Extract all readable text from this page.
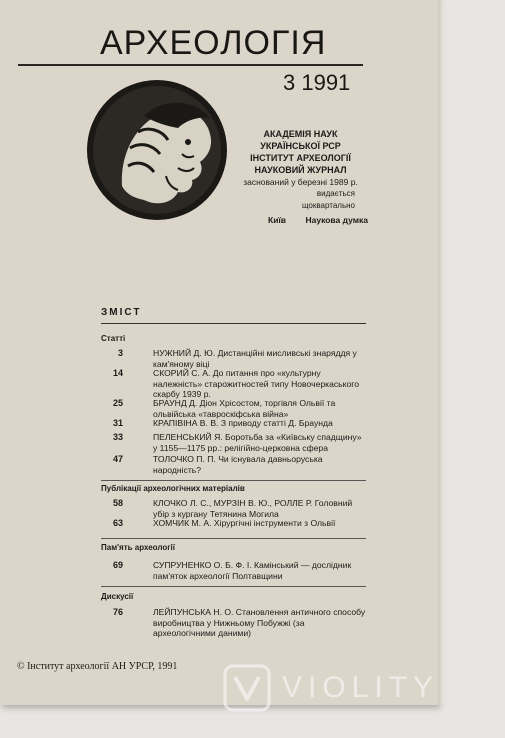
АРХЕОЛОГІЯ
3 1991
АКАДЕМІЯ НАУК
УКРАЇНСЬКОЇ РСР
ІНСТИТУТ АРХЕОЛОГІЇ
НАУКОВИЙ ЖУРНАЛ
заснований у березні 1989 р.
видається
щоквартально
Київ Наукова думка
ЗМІСТ
Статті
3	НУЖНИЙ Д. Ю. Дистанційні мисливські знаряддя у кам'яному віці
14	СКОРИЙ С. А. До питання про «культурну належність» старожитностей типу Новочеркаського скарбу 1939 р.
25	БРАУНД Д. Діон Хрісостом, торгівля Ольвії та ольвійська «тавроскіфська війна»
31	КРАПІВІНА В. В. З приводу статті Д. Браунда
33	ПЕЛЕНСЬКИЙ Я. Боротьба за «Київську спадщину» у 1155—1175 рр.: релігійно-церковна сфера
47	ТОЛОЧКО П. П. Чи існувала давньоруська народність?
Публікації археологічних матеріалів
58	КЛОЧКО Л. С., МУРЗІН В. Ю., РОЛЛЕ Р. Головний убір з кургану Тетянина Могила
63	ХОМЧИК М. А. Хірургічні інструменти з Ольвії
Пам'ять археології
69	СУПРУНЕНКО О. Б. Ф. І. Камінський — дослідник пам'яток археології Полтавщини
Дискусії
76	ЛЕЙПУНСЬКА Н. О. Становлення античного способу виробництва у Нижньому Побужжі (за археологічними даними)
© Інститут археології АН УРСР, 1991
VIOLITY
